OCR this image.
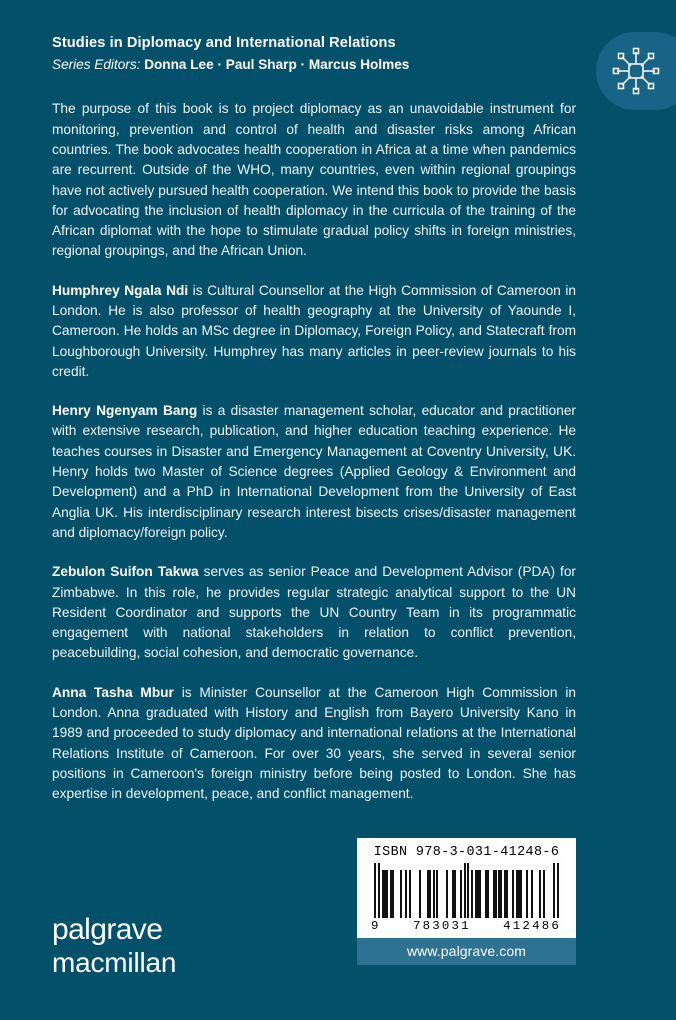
Studies in Diplomacy and International Relations
Series Editors: Donna Lee · Paul Sharp · Marcus Holmes

The purpose of this book is to project diplomacy as an unavoidable instrument for monitoring, prevention and control of health and disaster risks among African countries. The book advocates health cooperation in Africa at a time when pandemics are recurrent. Outside of the WHO, many countries, even within regional groupings have not actively pursued health cooperation. We intend this book to provide the basis for advocating the inclusion of health diplomacy in the curricula of the training of the African diplomat with the hope to stimulate gradual policy shifts in foreign ministries, regional groupings, and the African Union.

Humphrey Ngala Ndi is Cultural Counsellor at the High Commission of Cameroon in London. He is also professor of health geography at the University of Yaounde I, Cameroon. He holds an MSc degree in Diplomacy, Foreign Policy, and Statecraft from Loughborough University. Humphrey has many articles in peer-review journals to his credit.

Henry Ngenyam Bang is a disaster management scholar, educator and practitioner with extensive research, publication, and higher education teaching experience. He teaches courses in Disaster and Emergency Management at Coventry University, UK. Henry holds two Master of Science degrees (Applied Geology & Environment and Development) and a PhD in International Development from the University of East Anglia UK. His interdisciplinary research interest bisects crises/disaster management and diplomacy/foreign policy.

Zebulon Suifon Takwa serves as senior Peace and Development Advisor (PDA) for Zimbabwe. In this role, he provides regular strategic analytical support to the UN Resident Coordinator and supports the UN Country Team in its programmatic engagement with national stakeholders in relation to conflict prevention, peacebuilding, social cohesion, and democratic governance.

Anna Tasha Mbur is Minister Counsellor at the Cameroon High Commission in London. Anna graduated with History and English from Bayero University Kano in 1989 and proceeded to study diplomacy and international relations at the International Relations Institute of Cameroon. For over 30 years, she served in several senior positions in Cameroon's foreign ministry before being posted to London. She has expertise in development, peace, and conflict management.

palgrave
macmillan
ISBN 978-3-031-41248-6
9	783031	412486
www.palgrave.com
